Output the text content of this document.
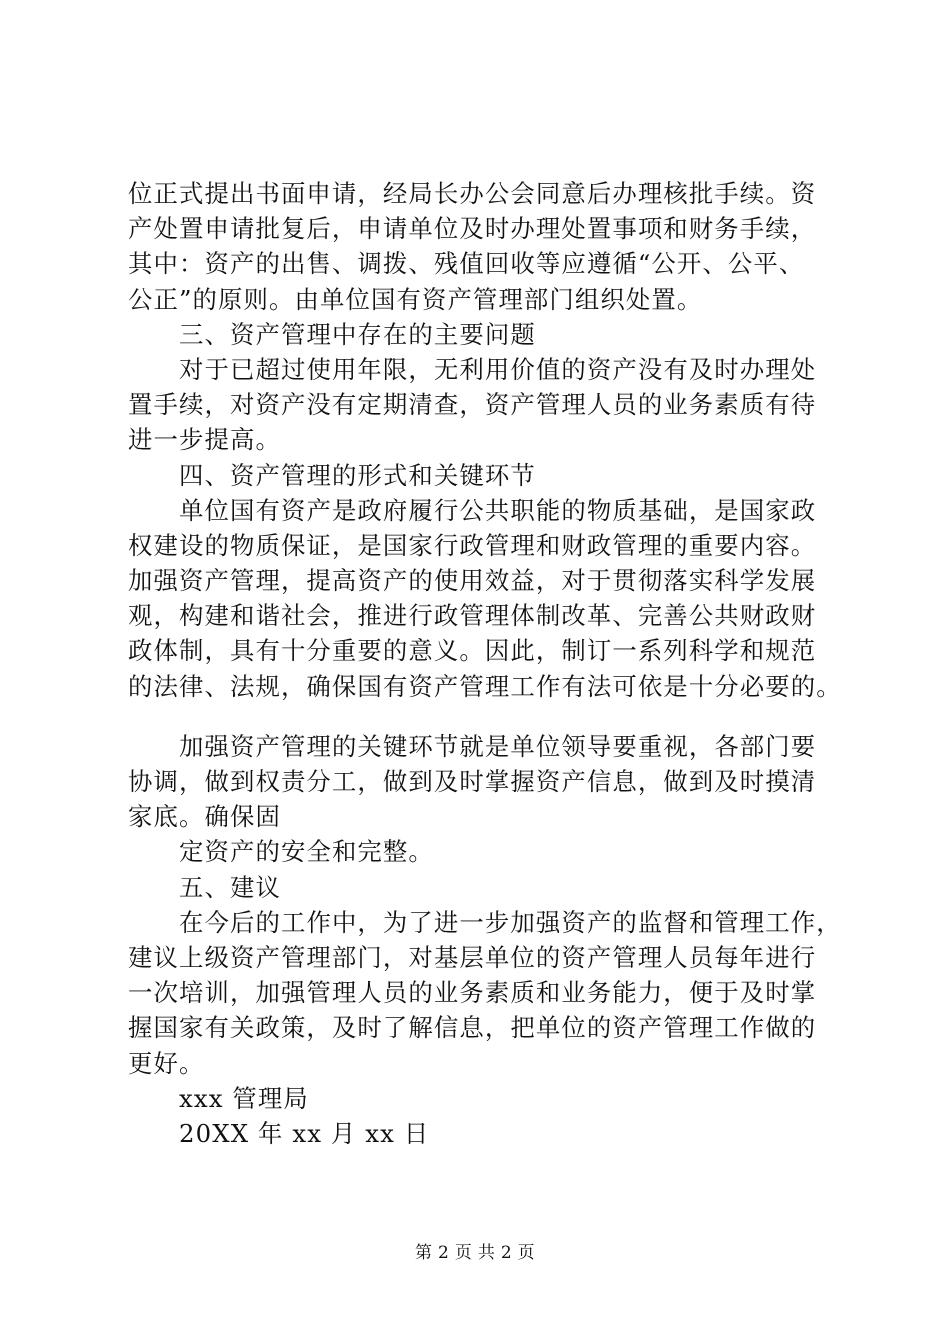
位正式提出书面申请，经局长办公会同意后办理核批手续。资
产处置申请批复后，申请单位及时办理处置事项和财务手续，
其中：资产的出售、调拨、残值回收等应遵循“公开、公平、
公正”的原则。由单位国有资产管理部门组织处置。
三、资产管理中存在的主要问题
对于已超过使用年限，无利用价值的资产没有及时办理处
置手续，对资产没有定期清查，资产管理人员的业务素质有待
进一步提高。
四、资产管理的形式和关键环节
单位国有资产是政府履行公共职能的物质基础，是国家政
权建设的物质保证，是国家行政管理和财政管理的重要内容。
加强资产管理，提高资产的使用效益，对于贯彻落实科学发展
观，构建和谐社会，推进行政管理体制改革、完善公共财政财
政体制，具有十分重要的意义。因此，制订一系列科学和规范
的法律、法规，确保国有资产管理工作有法可依是十分必要的。
加强资产管理的关键环节就是单位领导要重视，各部门要
协调，做到权责分工，做到及时掌握资产信息，做到及时摸清
家底。确保固
定资产的安全和完整。
五、建议
在今后的工作中，为了进一步加强资产的监督和管理工作，
建议上级资产管理部门，对基层单位的资产管理人员每年进行
一次培训，加强管理人员的业务素质和业务能力，便于及时掌
握国家有关政策，及时了解信息，把单位的资产管理工作做的
更好。
xxx 管理局
20XX 年 xx 月 xx 日
第 2 页 共 2 页
